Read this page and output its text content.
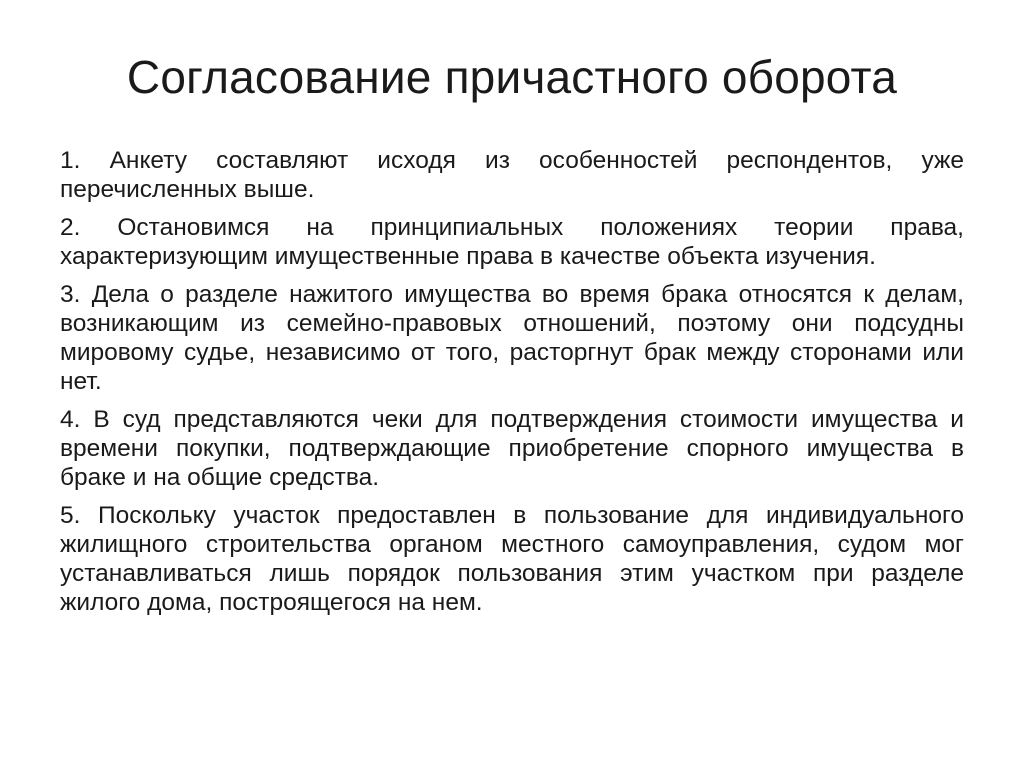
Согласование причастного оборота

1. Анкету составляют исходя из особенностей респондентов, уже перечисленных выше.

2. Остановимся на принципиальных положениях теории права, характеризующим имущественные права в качестве объекта изучения.

3. Дела о разделе нажитого имущества во время брака относятся к делам, возникающим из семейно-правовых отношений, поэтому они подсудны мировому судье, независимо от того, расторгнут брак между сторонами или нет.

4. В суд представляются чеки для подтверждения стоимости имущества и времени покупки, подтверждающие приобретение спорного имущества в браке и на общие средства.

5. Поскольку участок предоставлен в пользование для индивидуального жилищного строительства органом местного самоуправления, судом мог устанавливаться лишь порядок пользования этим участком при разделе жилого дома, построящегося на нем.
